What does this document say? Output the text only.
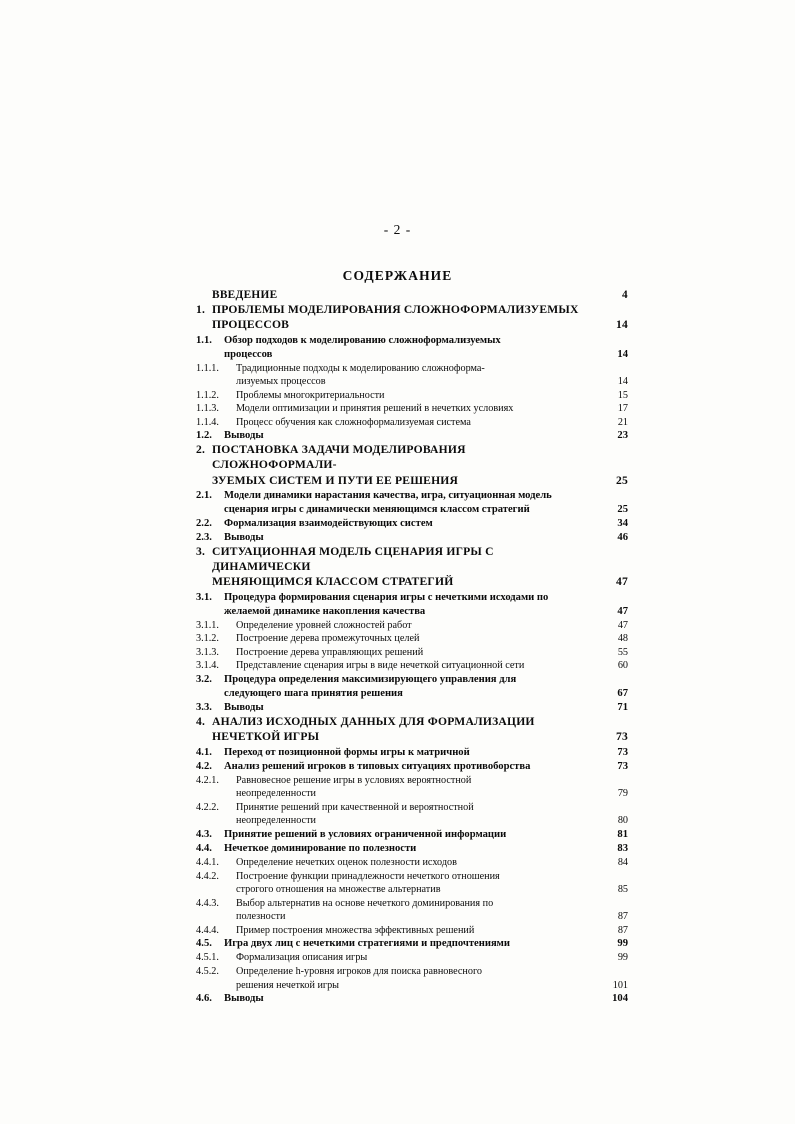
- 2 -
СОДЕРЖАНИЕ
ВВЕДЕНИЕ	4
1. ПРОБЛЕМЫ МОДЕЛИРОВАНИЯ СЛОЖНОФОРМАЛИЗУЕМЫХ
ПРОЦЕССОВ	14
1.1.	Обзор подходов к моделированию сложноформализуемых
процессов	14
1.1.1.	Традиционные подходы к моделированию сложноформа-
лизуемых процессов	14
1.1.2.	Проблемы многокритериальности	15
1.1.3.	Модели оптимизации и принятия решений в нечетких условиях	17
1.1.4.	Процесс обучения как сложноформализуемая система	21
1.2.	Выводы	23
2. ПОСТАНОВКА ЗАДАЧИ МОДЕЛИРОВАНИЯ СЛОЖНОФОРМАЛИ-
ЗУЕМЫХ СИСТЕМ И ПУТИ ЕЕ РЕШЕНИЯ	25
2.1.	Модели динамики нарастания качества, игра, ситуационная модель
сценария игры с динамически меняющимся классом стратегий	25
2.2.	Формализация взаимодействующих систем	34
2.3.	Выводы	46
3. СИТУАЦИОННАЯ МОДЕЛЬ СЦЕНАРИЯ ИГРЫ С ДИНАМИЧЕСКИ
МЕНЯЮЩИМСЯ КЛАССОМ СТРАТЕГИЙ	47
3.1.	Процедура формирования сценария игры с нечеткими исходами по
желаемой динамике накопления качества	47
3.1.1.	Определение уровней сложностей работ	47
3.1.2.	Построение дерева промежуточных целей	48
3.1.3.	Построение дерева управляющих решений	55
3.1.4.	Представление сценария игры в виде нечеткой ситуационной сети	60
3.2.	Процедура определения максимизирующего управления для
следующего шага принятия решения	67
3.3.	Выводы	71
4. АНАЛИЗ ИСХОДНЫХ ДАННЫХ ДЛЯ ФОРМАЛИЗАЦИИ
НЕЧЕТКОЙ ИГРЫ	73
4.1.	Переход от позиционной формы игры к матричной	73
4.2.	Анализ решений игроков в типовых ситуациях противоборства	73
4.2.1.	Равновесное решение игры в условиях вероятностной
неопределенности	79
4.2.2.	Принятие решений при качественной и вероятностной
неопределенности	80
4.3.	Принятие решений в условиях ограниченной информации	81
4.4.	Нечеткое доминирование по полезности	83
4.4.1.	Определение нечетких оценок полезности исходов	84
4.4.2.	Построение функции принадлежности нечеткого отношения
строгого отношения на множестве альтернатив	85
4.4.3.	Выбор альтернатив на основе нечеткого доминирования по
полезности	87
4.4.4.	Пример построения множества эффективных решений	87
4.5.	Игра двух лиц с нечеткими стратегиями и предпочтениями	99
4.5.1.	Формализация описания игры	99
4.5.2.	Определение h-уровня игроков для поиска равновесного
решения нечеткой игры	101
4.6.	Выводы	104
